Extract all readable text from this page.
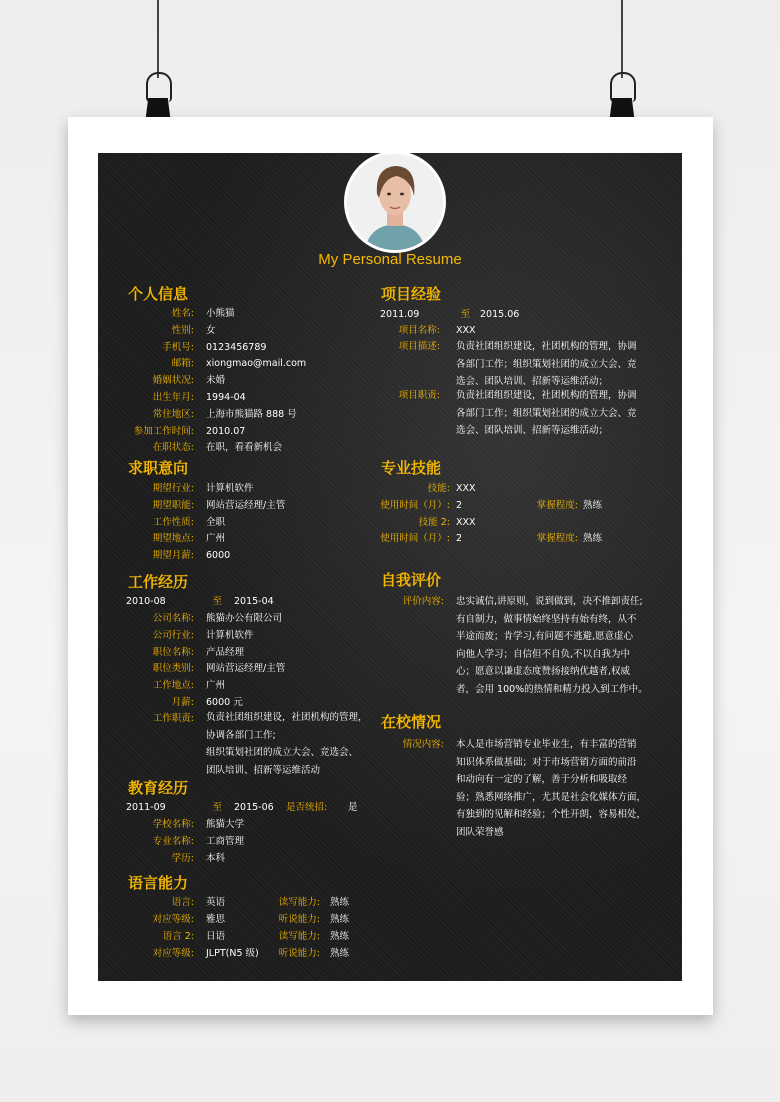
My Personal Resume
个人信息
姓名: 小熊猫
性别: 女
手机号: 0123456789
邮箱: xiongmao@mail.com
婚姻状况: 未婚
出生年月: 1994-04
常住地区: 上海市熊猫路 888 号
参加工作时间: 2010.07
在职状态: 在职，看看新机会
求职意向
期望行业: 计算机软件
期望职能: 网站营运经理/主管
工作性质: 全职
期望地点: 广州
期望月薪: 6000
工作经历
2010-08	至 2015-04
公司名称: 熊猫办公有限公司
公司行业: 计算机软件
职位名称: 产品经理
职位类别: 网站营运经理/主管
工作地点: 广州
月薪: 6000 元
工作职责: 负责社团组织建设，社团机构的管理，
协调各部门工作;
组织策划社团的成立大会、竞选会、
团队培训、招新等运维活动
教育经历
2011-09	至 2015-06 是否统招: 是
学校名称: 熊猫大学
专业名称: 工商管理
学历: 本科
语言能力
语言: 英语	读写能力: 熟练
对应等级: 雅思	听说能力: 熟练
语言 2: 日语	读写能力: 熟练
对应等级: JLPT(N5 级)	听说能力: 熟练
项目经验
2011.09	至 2015.06
项目名称: XXX
项目描述: 负责社团组织建设，社团机构的管理，协调
各部门工作；组织策划社团的成立大会、竞
选会、团队培训、招新等运维活动；
项目职责: 负责社团组织建设，社团机构的管理，协调
各部门工作；组织策划社团的成立大会、竞
选会、团队培训、招新等运维活动；
专业技能
技能: XXX
使用时间（月）: 2	掌握程度: 熟练
技能 2: XXX
使用时间（月）: 2	掌握程度: 熟练
自我评价
评价内容: 忠实诚信,讲原则，说到做到，决不推卸责任;
有自制力，做事情始终坚持有始有终，从不
半途而废；肯学习,有问题不逃避,愿意虚心
向他人学习；自信但不自负,不以自我为中
心；愿意以谦虚态度赞扬接纳优越者,权威
者，会用 100%的热情和精力投入到工作中。
在校情况
情况内容: 本人是市场营销专业毕业生，有丰富的营销
知识体系做基础；对于市场营销方面的前沿
和动向有一定的了解，善于分析和吸取经
验；熟悉网络推广，尤其是社会化媒体方面，
有独到的见解和经验；个性开朗，容易相处，
团队荣誉感
